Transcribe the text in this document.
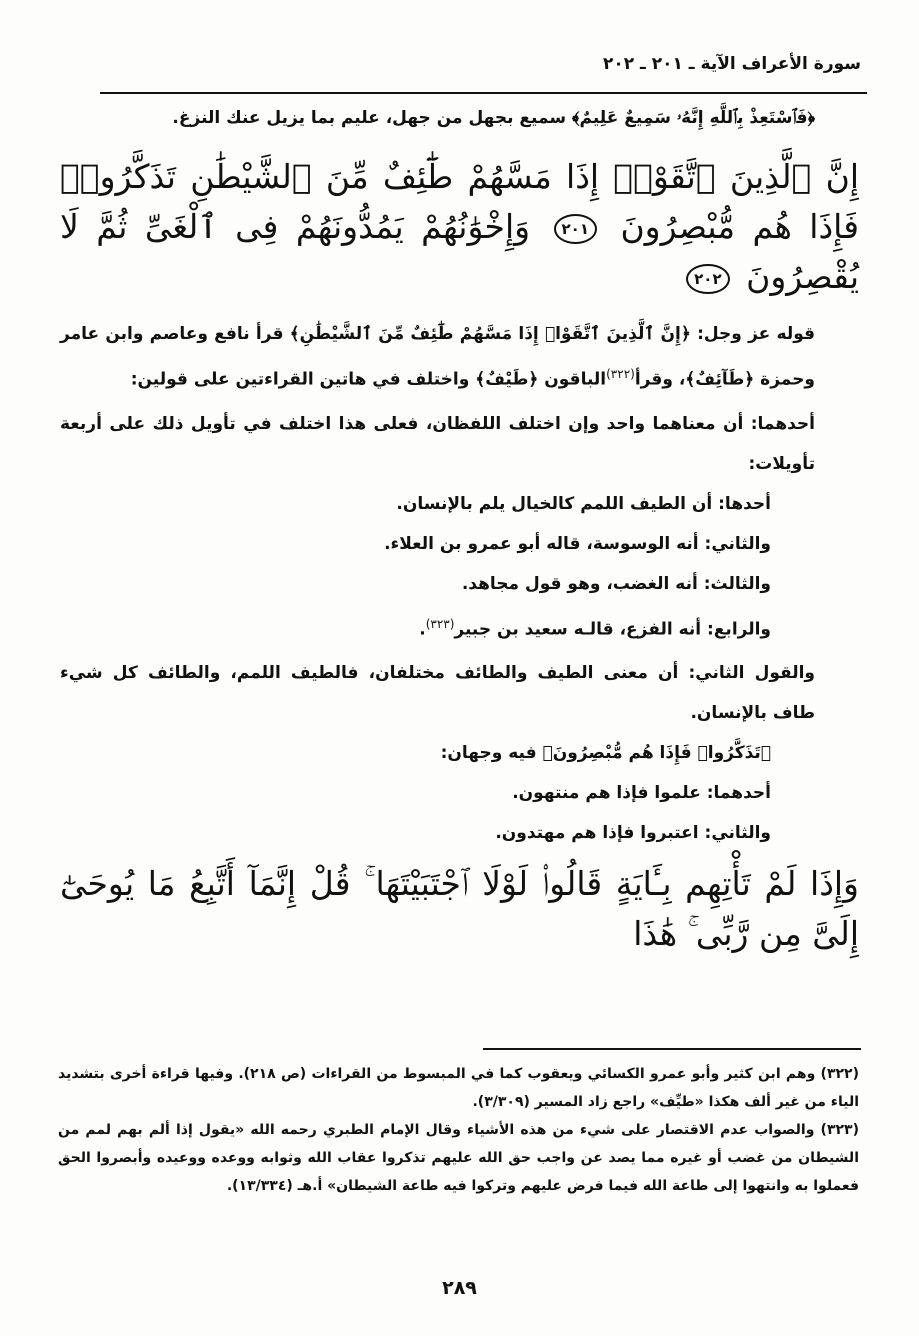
سورة الأعراف الآية ـ ٢٠١ ـ ٢٠٢

﴿فَٱسْتَعِذْ بِٱللَّهِ إِنَّهُۥ سَمِيعٌ عَلِيمٌ﴾ سميع بجهل من جهل، عليم بما يزيل عنك النزغ.

إِنَّ ٱلَّذِينَ ٱتَّقَوْا۟ إِذَا مَسَّهُمْ طَٰٓئِفٌ مِّنَ ٱلشَّيْطَٰنِ تَذَكَّرُوا۟ فَإِذَا هُم مُّبْصِرُونَ ٢٠١ وَإِخْوَٰنُهُمْ يَمُدُّونَهُمْ فِى ٱلْغَىِّ ثُمَّ لَا يُقْصِرُونَ ٢٠٢

قوله عز وجل: ﴿إِنَّ ٱلَّذِينَ ٱتَّقَوْا۟ إِذَا مَسَّهُمْ طَٰٓئِفٌ مِّنَ ٱلشَّيْطَٰنِ﴾ قرأ نافع وعاصم وابن عامر وحمزة ﴿طَآئِفٌ﴾، وقرأ$^{(٣٢٢)}$الباقون ﴿طَيْفٌ﴾ واختلف في هاتين القراءتين على قولين:

أحدهما: أن معناهما واحد وإن اختلف اللفظان، فعلى هذا اختلف في تأويل ذلك على أربعة تأويلات:

أحدها: أن الطيف اللمم كالخيال يلم بالإنسان.

والثاني: أنه الوسوسة، قاله أبو عمرو بن العلاء.

والثالث: أنه الغضب، وهو قول مجاهد.

والرابع: أنه الفزع، قالـه سعيد بن جبير$^{(٣٢٣)}$.

والقول الثاني: أن معنى الطيف والطائف مختلفان، فالطيف اللمم، والطائف كل شيء طاف بالإنسان.

﴿تَذَكَّرُوا۟ فَإِذَا هُم مُّبْصِرُونَ﴾ فيه وجهان:

أحدهما: علموا فإذا هم منتهون.

والثاني: اعتبروا فإذا هم مهتدون.

وَإِذَا لَمْ تَأْتِهِم بِـَٔايَةٍ قَالُوا۟ لَوْلَا ٱجْتَبَيْتَهَا ۚ قُلْ إِنَّمَآ أَتَّبِعُ مَا يُوحَىٰٓ إِلَىَّ مِن رَّبِّى ۚ هَٰذَا

(٣٢٢) وهم ابن كثير وأبو عمرو الكسائي ويعقوب كما في المبسوط من القراءات (ص ٢١٨). وفيها قراءة أخرى بتشديد الياء من غير ألف هكذا «طيِّف» راجع زاد المسير (٣/٣٠٩).

(٣٢٣) والصواب عدم الاقتصار على شيء من هذه الأشياء وقال الإمام الطبري رحمه الله «يقول إذا ألم بهم لمم من الشيطان من غضب أو غيره مما يصد عن واجب حق الله عليهم تذكروا عقاب الله وثوابه ووعده ووعيده وأبصروا الحق فعملوا به وانتهوا إلى طاعة الله فيما فرض عليهم وتركوا فيه طاعة الشيطان» أ.هـ (١٣/٣٣٤).

٢٨٩
